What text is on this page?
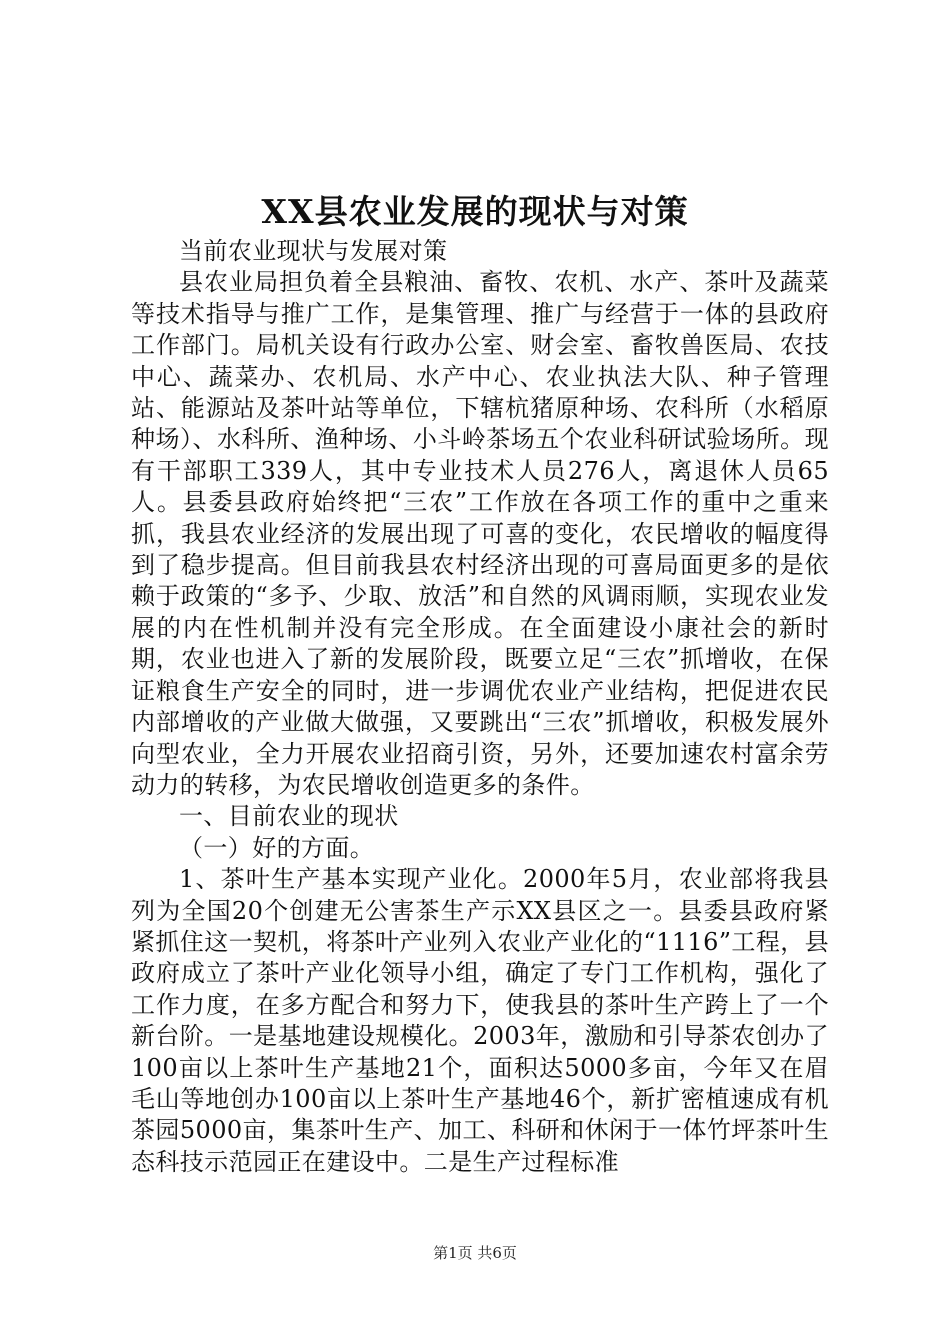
XX县农业发展的现状与对策

当前农业现状与发展对策

县农业局担负着全县粮油、畜牧、农机、水产、茶叶及蔬菜等技术指导与推广工作，是集管理、推广与经营于一体的县政府工作部门。局机关设有行政办公室、财会室、畜牧兽医局、农技中心、蔬菜办、农机局、水产中心、农业执法大队、种子管理站、能源站及茶叶站等单位，下辖杭猪原种场、农科所（水稻原种场）、水科所、渔种场、小斗岭茶场五个农业科研试验场所。现有干部职工339人，其中专业技术人员276人，离退休人员65人。县委县政府始终把“三农”工作放在各项工作的重中之重来抓，我县农业经济的发展出现了可喜的变化，农民增收的幅度得到了稳步提高。但目前我县农村经济出现的可喜局面更多的是依赖于政策的“多予、少取、放活”和自然的风调雨顺，实现农业发展的内在性机制并没有完全形成。在全面建设小康社会的新时期，农业也进入了新的发展阶段，既要立足“三农”抓增收，在保证粮食生产安全的同时，进一步调优农业产业结构，把促进农民内部增收的产业做大做强，又要跳出“三农”抓增收，积极发展外向型农业，全力开展农业招商引资，另外，还要加速农村富余劳动力的转移，为农民增收创造更多的条件。

一、目前农业的现状

（一）好的方面。

1、茶叶生产基本实现产业化。2000年5月，农业部将我县列为全国20个创建无公害茶生产示XX县区之一。县委县政府紧紧抓住这一契机，将茶叶产业列入农业产业化的“1116”工程，县政府成立了茶叶产业化领导小组，确定了专门工作机构，强化了工作力度，在多方配合和努力下，使我县的茶叶生产跨上了一个新台阶。一是基地建设规模化。2003年，激励和引导茶农创办了100亩以上茶叶生产基地21个，面积达5000多亩，今年又在眉毛山等地创办100亩以上茶叶生产基地46个，新扩密植速成有机茶园5000亩，集茶叶生产、加工、科研和休闲于一体竹坪茶叶生态科技示范园正在建设中。二是生产过程标准

第1页 共6页
